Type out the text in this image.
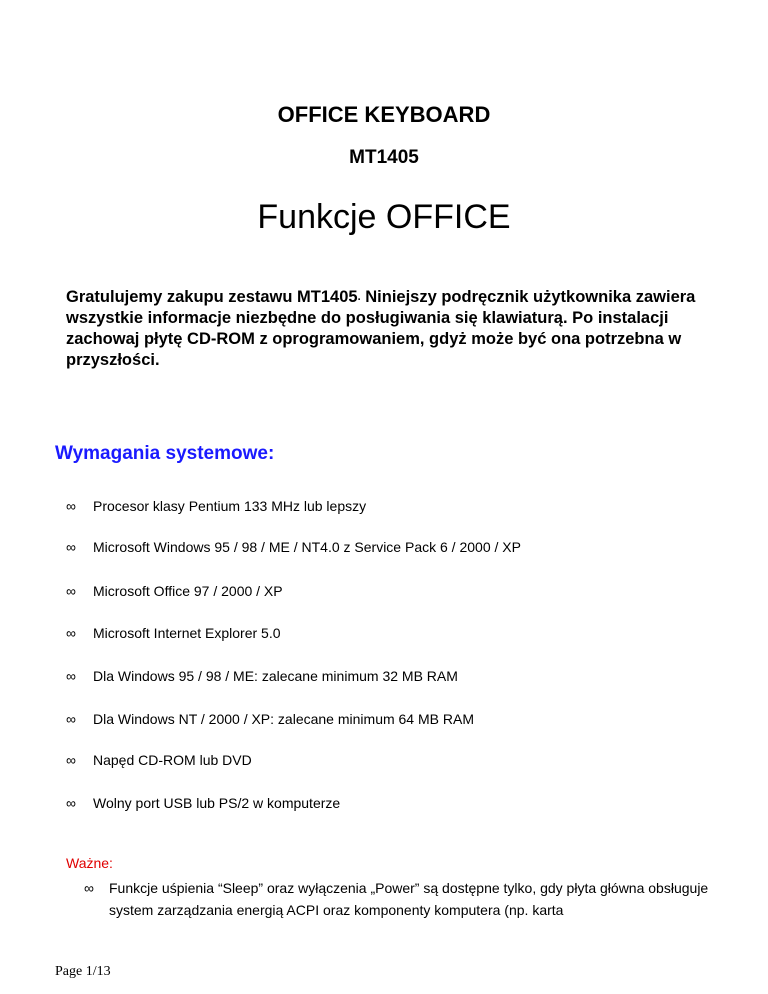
OFFICE KEYBOARD
MT1405
Funkcje OFFICE
Gratulujemy zakupu zestawu MT1405. Niniejszy podręcznik użytkownika zawiera wszystkie informacje niezbędne do posługiwania się klawiaturą. Po instalacji zachowaj płytę CD-ROM z oprogramowaniem, gdyż może być ona potrzebna w przyszłości.
Wymagania systemowe:
∞ Procesor klasy Pentium 133 MHz lub lepszy
∞ Microsoft Windows 95 / 98 / ME / NT4.0 z Service Pack 6 / 2000 / XP
∞ Microsoft Office 97 / 2000 / XP
∞ Microsoft Internet Explorer 5.0
∞ Dla Windows 95 / 98 / ME: zalecane minimum 32 MB RAM
∞ Dla Windows NT / 2000 / XP: zalecane minimum 64 MB RAM
∞ Napęd CD-ROM lub DVD
∞ Wolny port USB lub PS/2 w komputerze
Ważne:
∞ Funkcje uśpienia “Sleep” oraz wyłączenia „Power” są dostępne tylko, gdy płyta główna obsługuje system zarządzania energią ACPI oraz komponenty komputera (np. karta
Page 1/13
